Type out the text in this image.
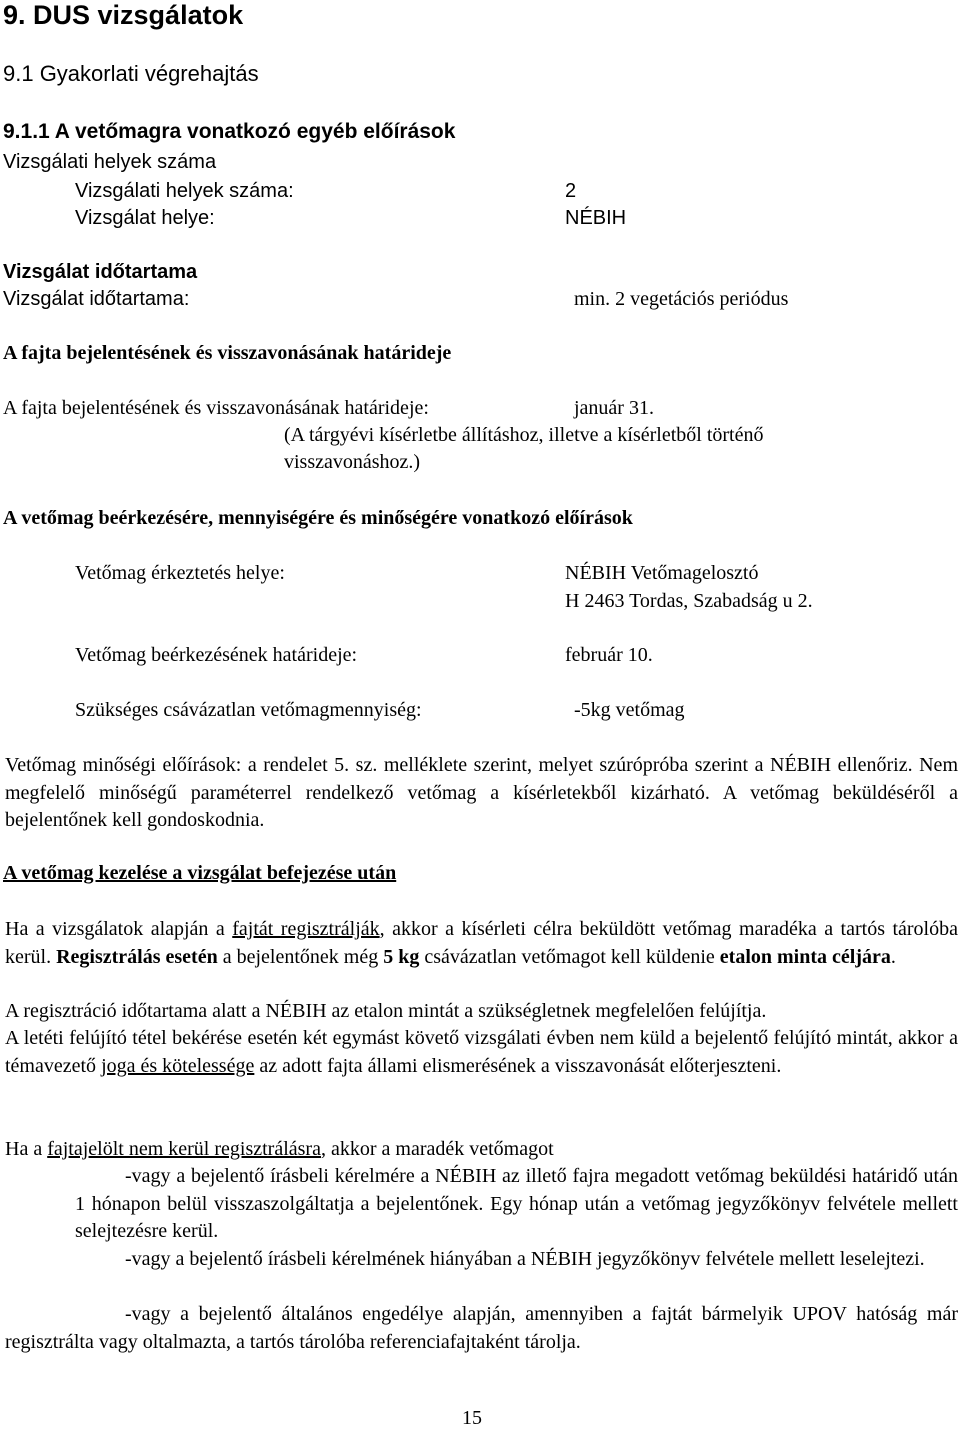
9. DUS vizsgálatok
9.1 Gyakorlati végrehajtás
9.1.1 A vetőmagra vonatkozó egyéb előírások
Vizsgálati helyek száma
Vizsgálati helyek száma:	2
Vizsgálat helye:	NÉBIH
Vizsgálat időtartama
Vizsgálat időtartama:	min. 2 vegetációs periódus
A fajta bejelentésének és visszavonásának határideje
A fajta bejelentésének és visszavonásának határideje:	január 31.
(A tárgyévi kísérletbe állításhoz, illetve a kísérletből történő
visszavonáshoz.)
A vetőmag beérkezésére, mennyiségére és minőségére vonatkozó előírások
Vetőmag érkeztetés helye:	NÉBIH Vetőmagelosztó
H 2463 Tordas, Szabadság u 2.
Vetőmag beérkezésének határideje:	február 10.
Szükséges csávázatlan vetőmagmennyiség:	-5kg vetőmag
Vetőmag minőségi előírások: a rendelet 5. sz. melléklete szerint, melyet szúrópróba szerint a NÉBIH ellenőriz. Nem megfelelő minőségű paraméterrel rendelkező vetőmag a kísérletekből kizárható. A vetőmag beküldéséről a bejelentőnek kell gondoskodnia.
A vetőmag kezelése a vizsgálat befejezése után
Ha a vizsgálatok alapján a fajtát regisztrálják, akkor a kísérleti célra beküldött vetőmag maradéka a tartós tárolóba kerül. Regisztrálás esetén a bejelentőnek még 5 kg csávázatlan vetőmagot kell küldenie etalon minta céljára.
A regisztráció időtartama alatt a NÉBIH az etalon mintát a szükségletnek megfelelően felújítja.
A letéti felújító tétel bekérése esetén két egymást követő vizsgálati évben nem küld a bejelentő felújító mintát, akkor a témavezető joga és kötelessége az adott fajta állami elismerésének a visszavonását előterjeszteni.
Ha a fajtajelölt nem kerül regisztrálásra, akkor a maradék vetőmagot
-vagy a bejelentő írásbeli kérelmére a NÉBIH az illető fajra megadott vetőmag beküldési határidő után 1 hónapon belül visszaszolgáltatja a bejelentőnek. Egy hónap után a vetőmag jegyzőkönyv felvétele mellett selejtezésre kerül.
-vagy a bejelentő írásbeli kérelmének hiányában a NÉBIH jegyzőkönyv felvétele mellett leselejtezi.
-vagy a bejelentő általános engedélye alapján, amennyiben a fajtát bármelyik UPOV hatóság már regisztrálta vagy oltalmazta, a tartós tárolóba referenciafajtaként tárolja.
15
